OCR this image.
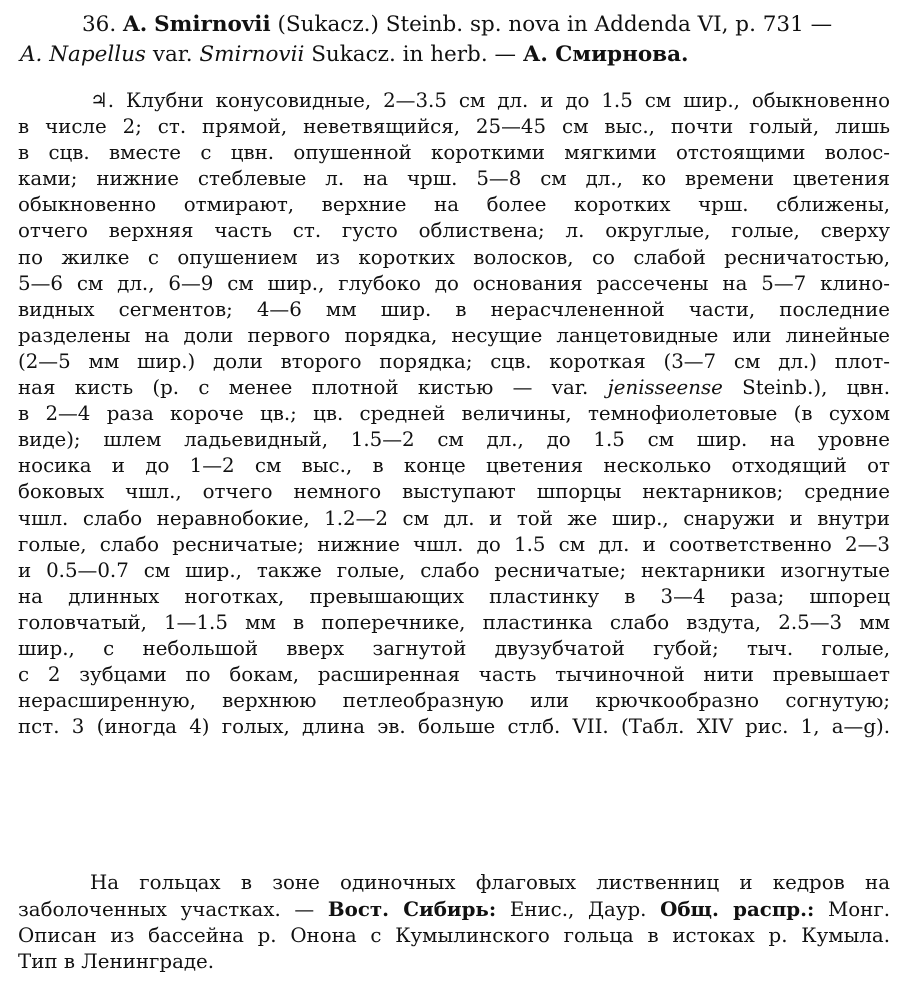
36. A. Smirnovii (Sukacz.) Steinb. sp. nova in Addenda VI, p. 731 —
A. Napellus var. Smirnovii Sukacz. in herb. — А. Смирнова.
♃. Клубни конусовидные, 2—3.5 см дл. и до 1.5 см шир., обыкновенно
в числе 2; ст. прямой, неветвящийся, 25—45 см выс., почти голый, лишь
в сцв. вместе с цвн. опушенной короткими мягкими отстоящими волос-
ками; нижние стеблевые л. на чрш. 5—8 см дл., ко времени цветения
обыкновенно отмирают, верхние на более коротких чрш. сближены,
отчего верхняя часть ст. густо облиствена; л. округлые, голые, сверху
по жилке с опушением из коротких волосков, со слабой ресничатостью,
5—6 см дл., 6—9 см шир., глубоко до основания рассечены на 5—7 клино-
видных сегментов; 4—6 мм шир. в нерасчлененной части, последние
разделены на доли первого порядка, несущие ланцетовидные или линейные
(2—5 мм шир.) доли второго порядка; сцв. короткая (3—7 см дл.) плот-
ная кисть (р. с менее плотной кистью — var. jenisseense Steinb.), цвн.
в 2—4 раза короче цв.; цв. средней величины, темнофиолетовые (в сухом
виде); шлем ладьевидный, 1.5—2 см дл., до 1.5 см шир. на уровне
носика и до 1—2 см выс., в конце цветения несколько отходящий от
боковых чшл., отчего немного выступают шпорцы нектарников; средние
чшл. слабо неравнобокие, 1.2—2 см дл. и той же шир., снаружи и внутри
голые, слабо ресничатые; нижние чшл. до 1.5 см дл. и соответственно 2—3
и 0.5—0.7 см шир., также голые, слабо ресничатые; нектарники изогнутые
на длинных ноготках, превышающих пластинку в 3—4 раза; шпорец
головчатый, 1—1.5 мм в поперечнике, пластинка слабо вздута, 2.5—3 мм
шир., с небольшой вверх загнутой двузубчатой губой; тыч. голые,
с 2 зубцами по бокам, расширенная часть тычиночной нити превышает
нерасширенную, верхнюю петлеобразную или крючкообразно согнутую;
пст. 3 (иногда 4) голых, длина эв. больше стлб. VII. (Табл. XIV рис. 1, а—g).
На гольцах в зоне одиночных флаговых лиственниц и кедров на
заболоченных участках. — Вост. Сибирь: Енис., Даур. Общ. распр.: Монг.
Описан из бассейна р. Онона с Кумылинского гольца в истоках р. Кумыла.
Тип в Ленинграде.
